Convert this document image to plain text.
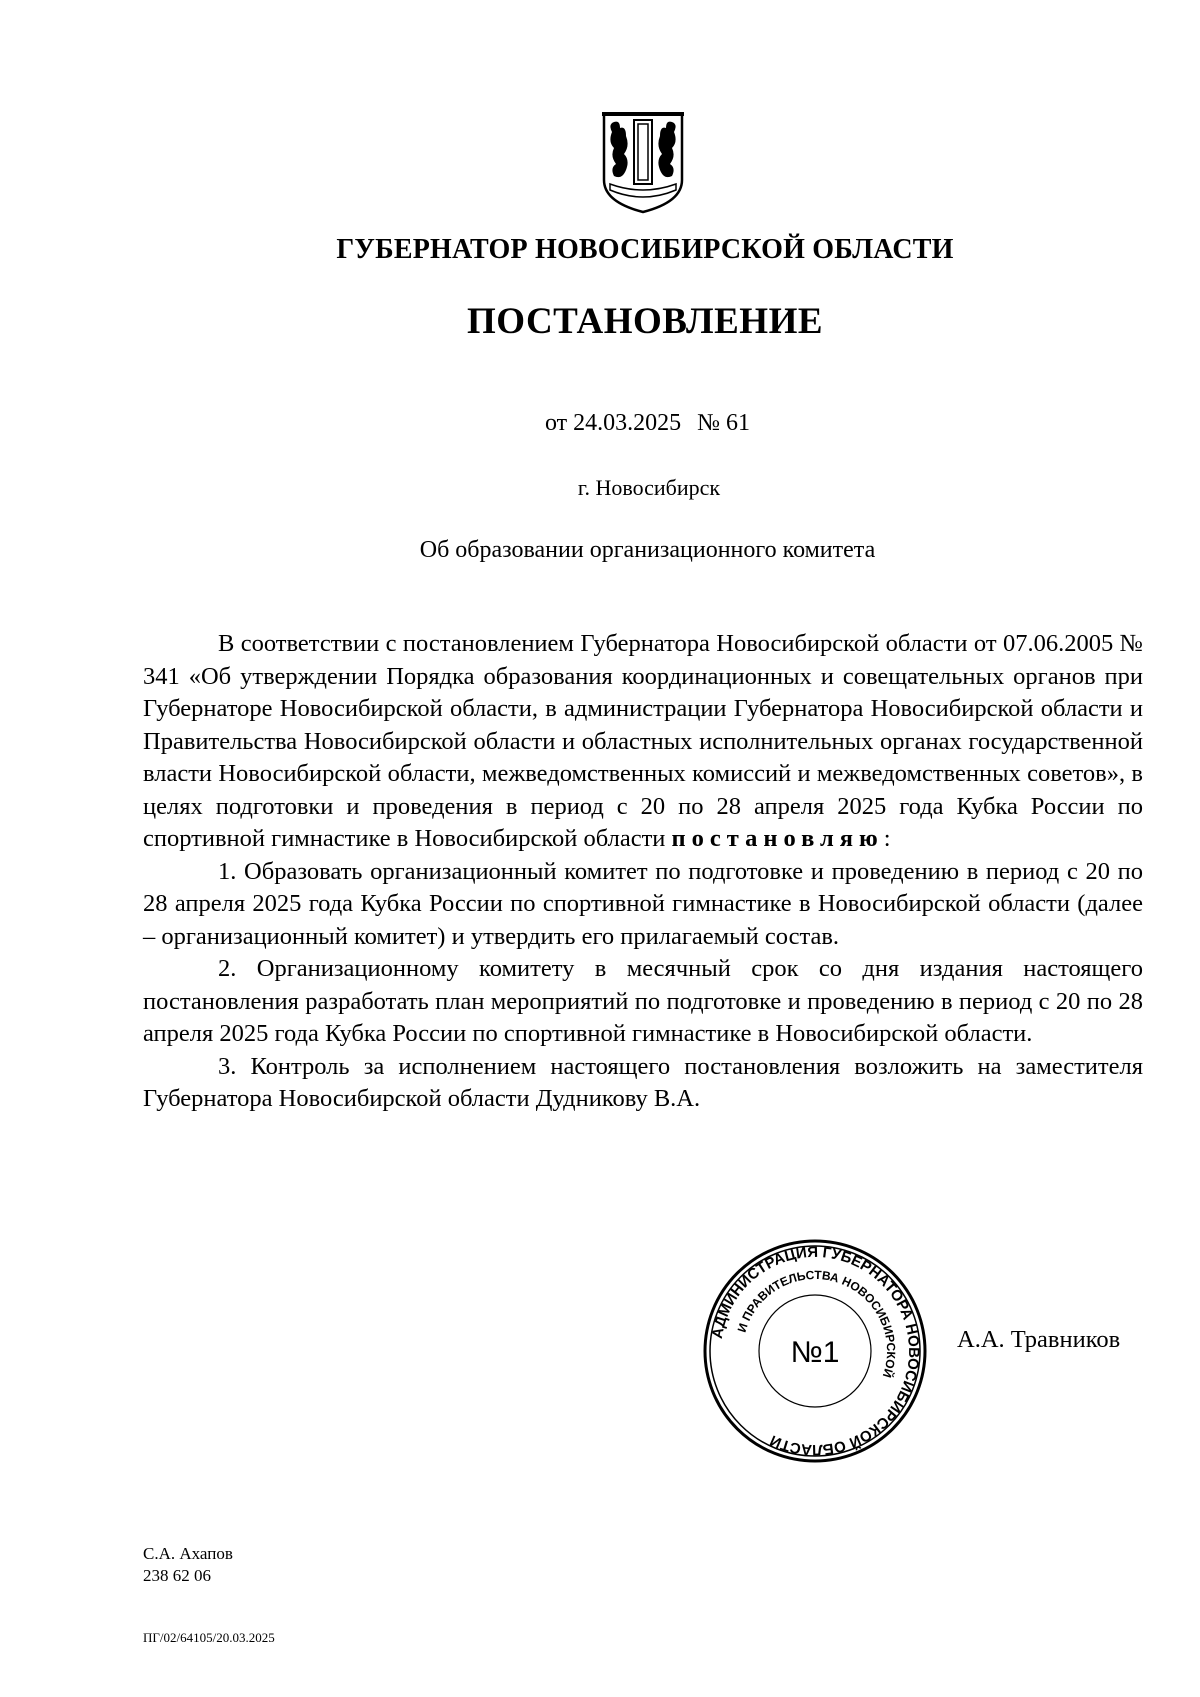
ГУБЕРНАТОР НОВОСИБИРСКОЙ ОБЛАСТИ
ПОСТАНОВЛЕНИЕ
от 24.03.2025 № 61
г. Новосибирск
Об образовании организационного комитета

В соответствии с постановлением Губернатора Новосибирской области от 07.06.2005 № 341 «Об утверждении Порядка образования координационных и совещательных органов при Губернаторе Новосибирской области, в администрации Губернатора Новосибирской области и Правительства Новосибирской области и областных исполнительных органах государственной власти Новосибирской области, межведомственных комиссий и межведомственных советов», в целях подготовки и проведения в период с 20 по 28 апреля 2025 года Кубка России по спортивной гимнастике в Новосибирской области постановляю:

1. Образовать организационный комитет по подготовке и проведению в период с 20 по 28 апреля 2025 года Кубка России по спортивной гимнастике в Новосибирской области (далее – организационный комитет) и утвердить его прилагаемый состав.

2. Организационному комитету в месячный срок со дня издания настоящего постановления разработать план мероприятий по подготовке и проведению в период с 20 по 28 апреля 2025 года Кубка России по спортивной гимнастике в Новосибирской области.

3. Контроль за исполнением настоящего постановления возложить на заместителя Губернатора Новосибирской области Дудникову В.А.

АДМИНИСТРАЦИЯ ГУБЕРНАТОРА НОВОСИБИРСКОЙ ОБЛАСТИ
И ПРАВИТЕЛЬСТВА НОВОСИБИРСКОЙ
№1	А.А. Травников
С.А. Ахапов
238 62 06
ПГ/02/64105/20.03.2025
